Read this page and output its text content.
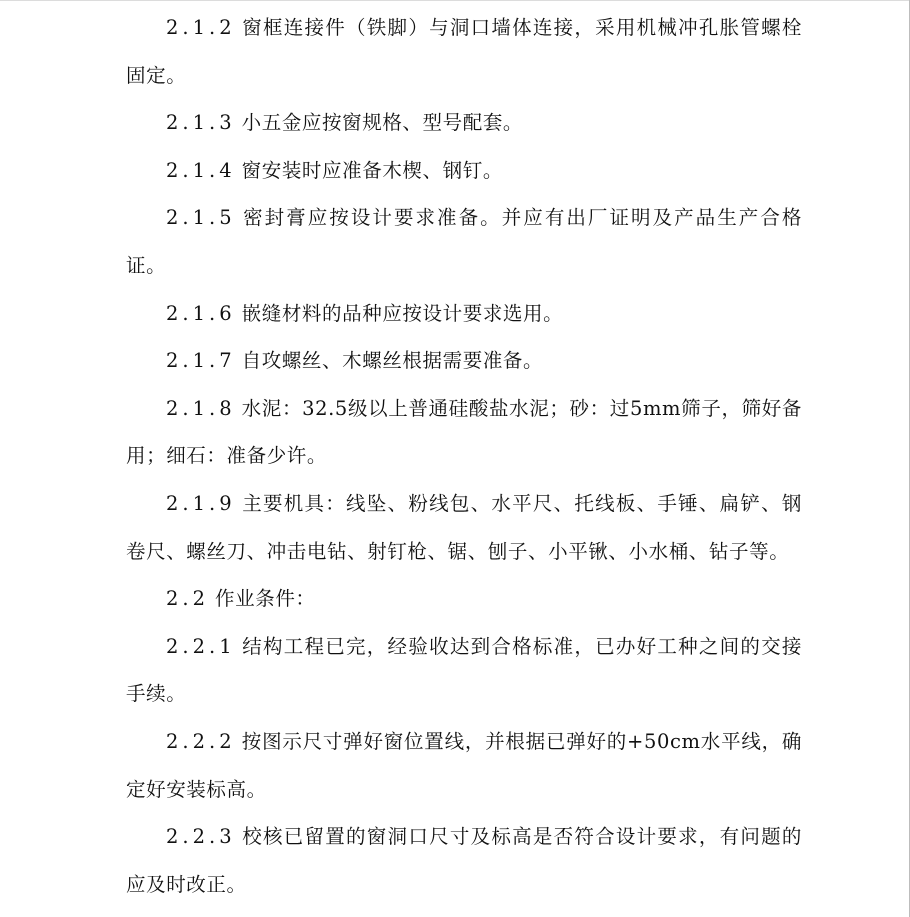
2.1.2 窗框连接件（铁脚）与洞口墙体连接，采用机械冲孔胀管螺栓固定。

2.1.3 小五金应按窗规格、型号配套。

2.1.4 窗安装时应准备木楔、钢钉。

2.1.5 密封膏应按设计要求准备。并应有出厂证明及产品生产合格证。

2.1.6 嵌缝材料的品种应按设计要求选用。

2.1.7 自攻螺丝、木螺丝根据需要准备。

2.1.8 水泥：32.5级以上普通硅酸盐水泥；砂：过5mm筛子，筛好备用；细石：准备少许。

2.1.9 主要机具：线坠、粉线包、水平尺、托线板、手锤、扁铲、钢卷尺、螺丝刀、冲击电钻、射钉枪、锯、刨子、小平锹、小水桶、钻子等。

2.2 作业条件：

2.2.1 结构工程已完，经验收达到合格标准，已办好工种之间的交接手续。

2.2.2 按图示尺寸弹好窗位置线，并根据已弹好的+50cm水平线，确定好安装标高。

2.2.3 校核已留置的窗洞口尺寸及标高是否符合设计要求，有问题的应及时改正。
